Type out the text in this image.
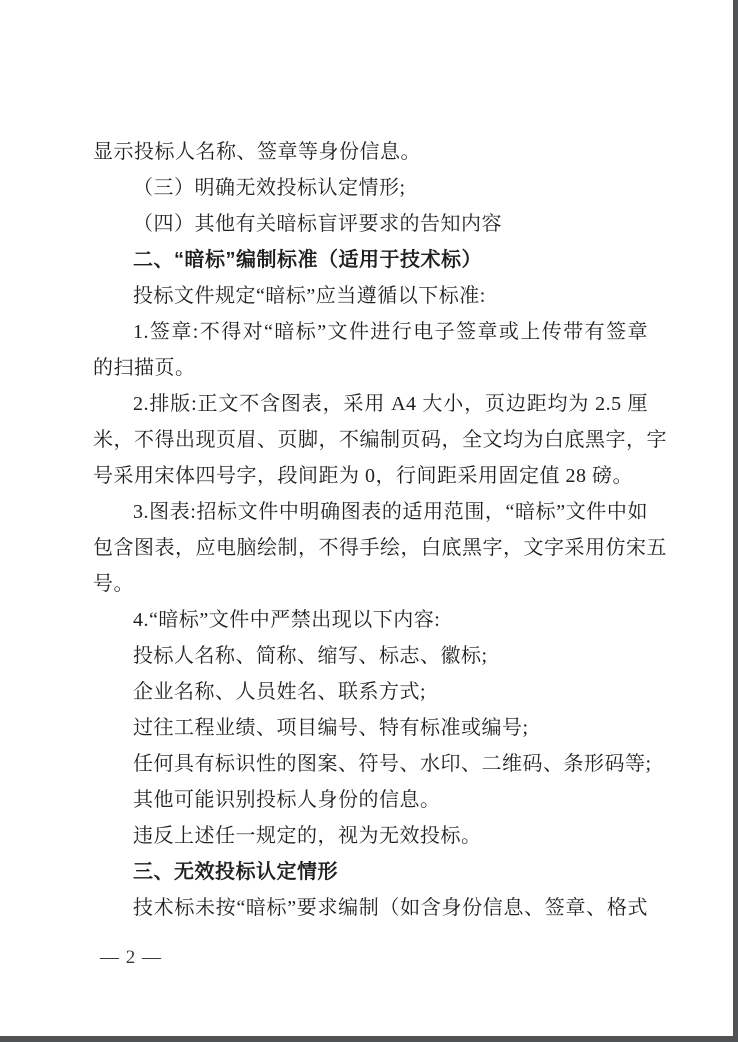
显示投标人名称、签章等身份信息。
（三）明确无效投标认定情形;
（四）其他有关暗标盲评要求的告知内容
二、“暗标”编制标准（适用于技术标）
投标文件规定“暗标”应当遵循以下标准:
1.签章:不得对“暗标”文件进行电子签章或上传带有签章
的扫描页。
2.排版:正文不含图表，采用 A4 大小，页边距均为 2.5 厘
米，不得出现页眉、页脚，不编制页码，全文均为白底黑字，字
号采用宋体四号字，段间距为 0，行间距采用固定值 28 磅。
3.图表:招标文件中明确图表的适用范围，“暗标”文件中如
包含图表，应电脑绘制，不得手绘，白底黑字，文字采用仿宋五
号。
4.“暗标”文件中严禁出现以下内容:
投标人名称、简称、缩写、标志、徽标;
企业名称、人员姓名、联系方式;
过往工程业绩、项目编号、特有标准或编号;
任何具有标识性的图案、符号、水印、二维码、条形码等;
其他可能识别投标人身份的信息。
违反上述任一规定的，视为无效投标。
三、无效投标认定情形
技术标未按“暗标”要求编制（如含身份信息、签章、格式
— 2 —
